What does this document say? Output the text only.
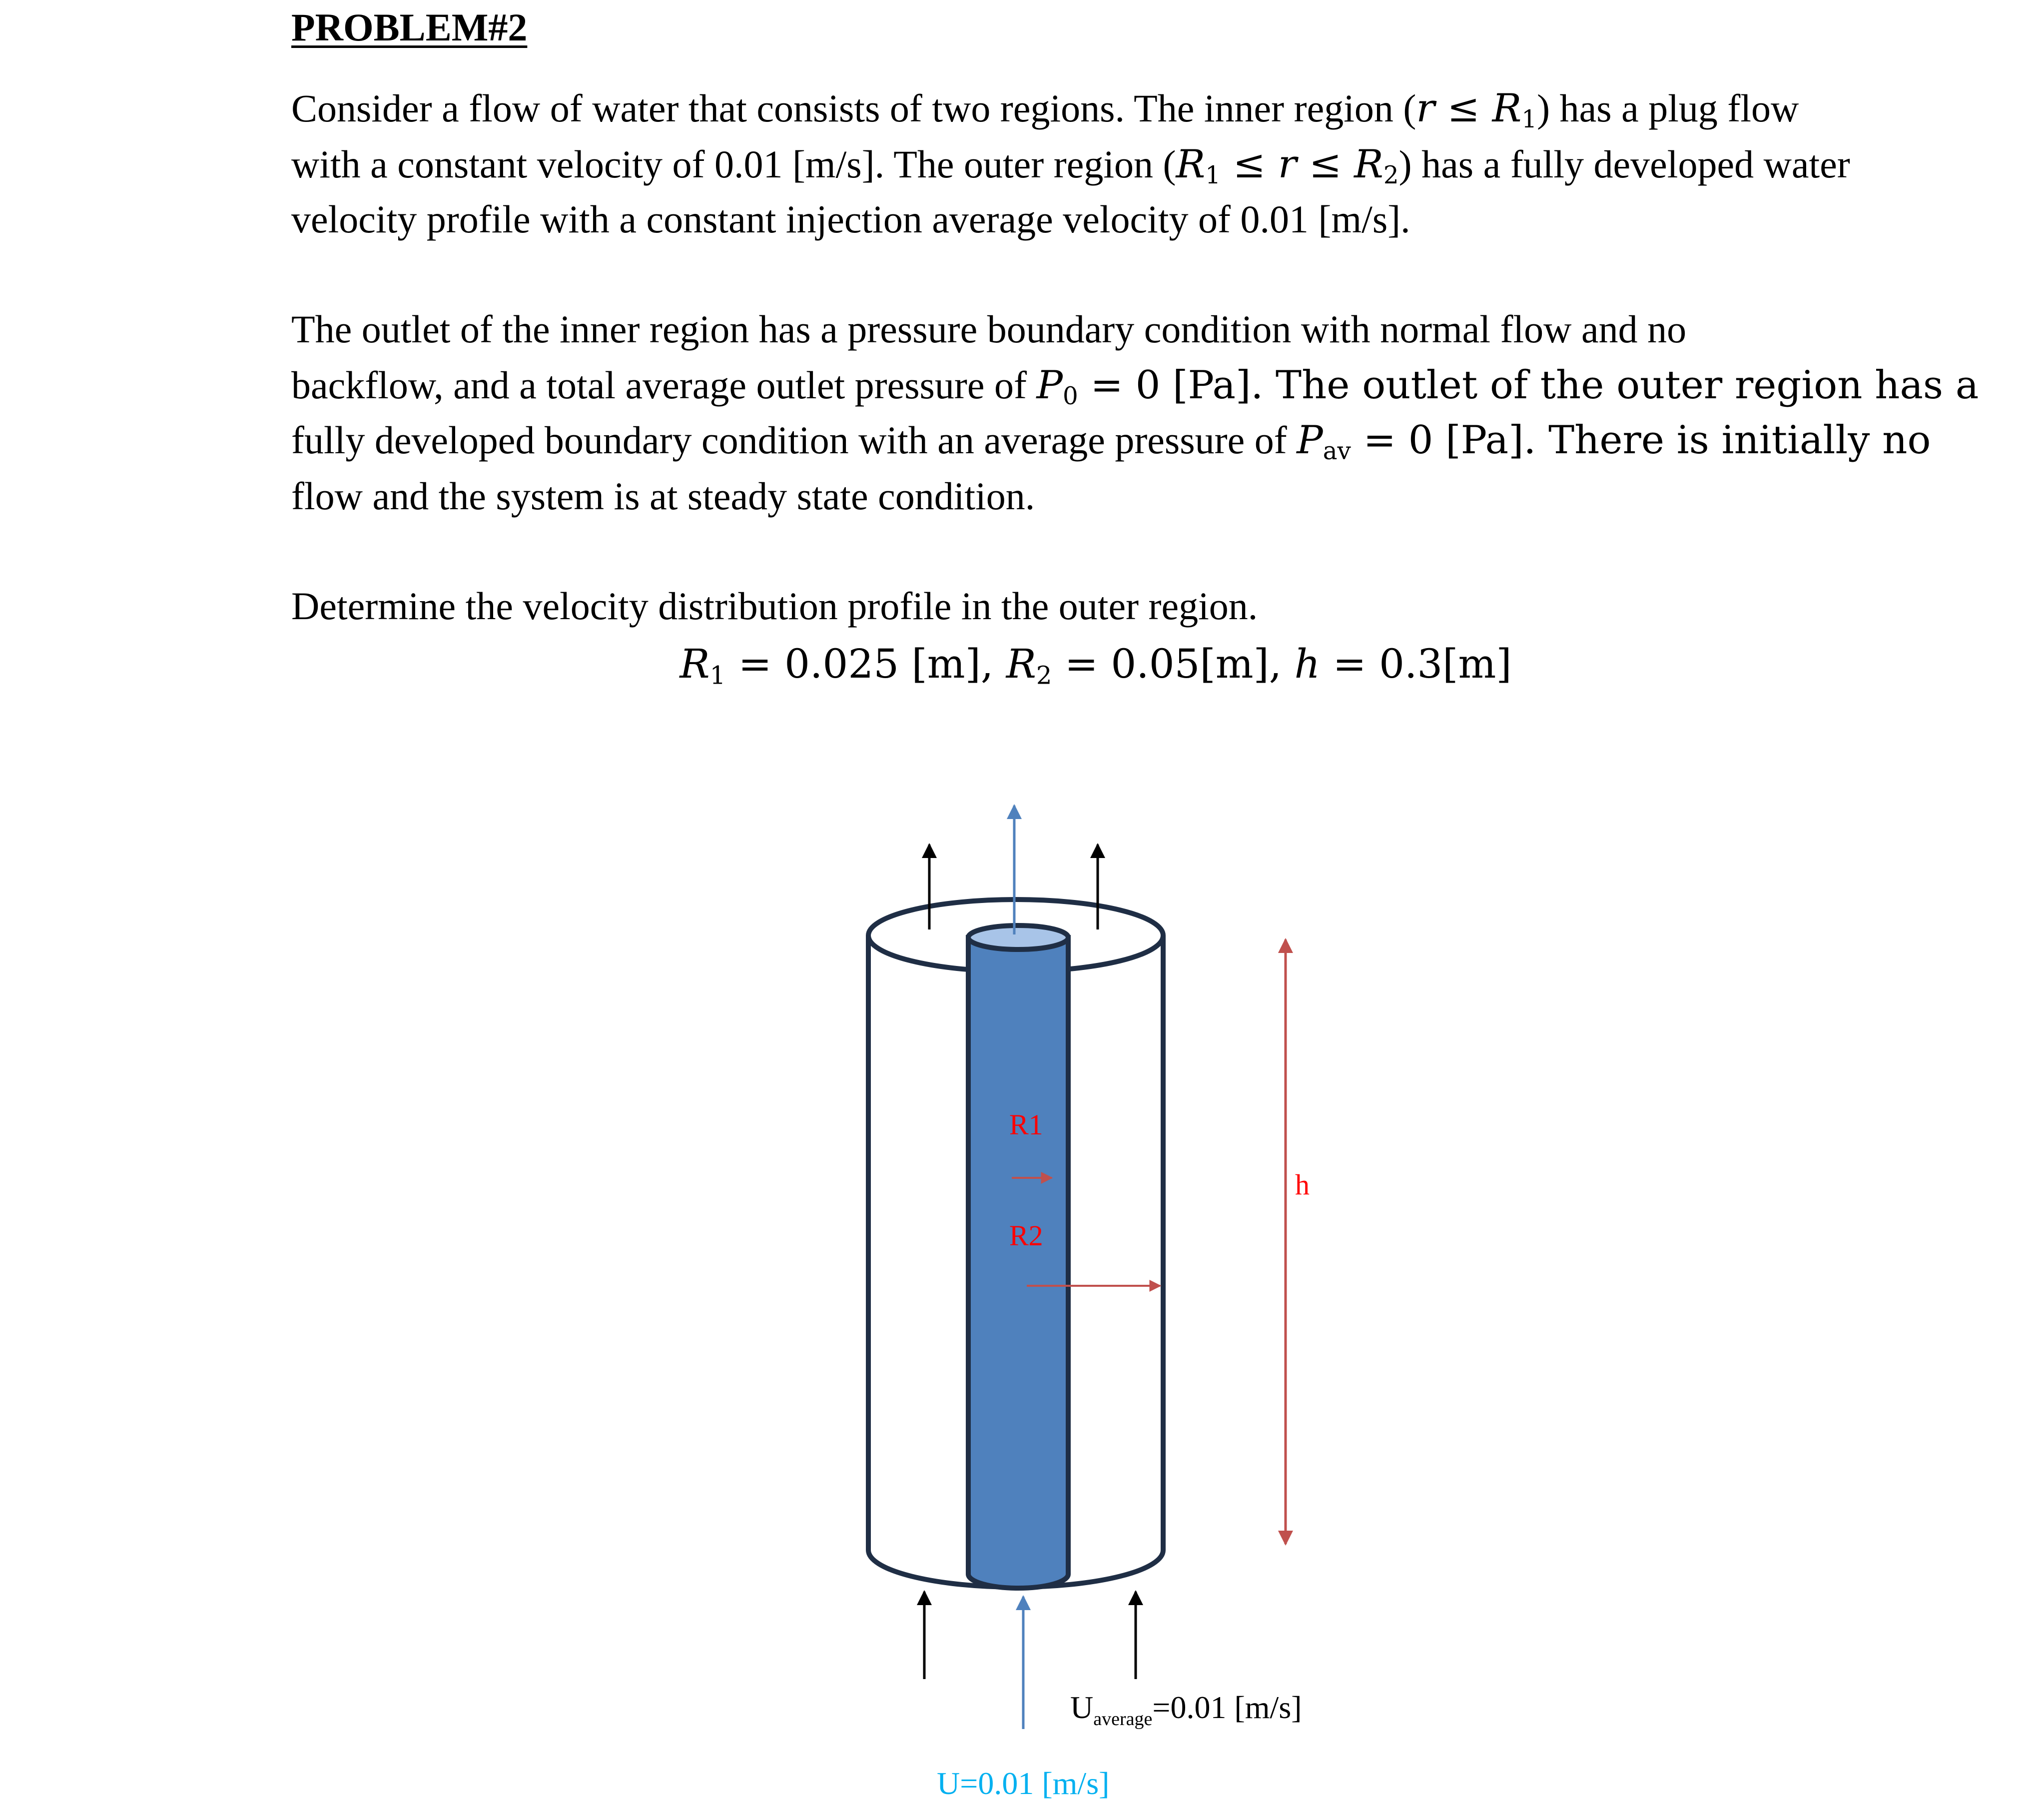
PROBLEM#2
Consider a flow of water that consists of two regions. The inner region $(r \le R_1)$ has a plug flow
with a constant velocity of 0.01 [m/s]. The outer region $(R_1 \le r \le R_2)$ has a fully developed water
velocity profile with a constant injection average velocity of 0.01 [m/s].
The outlet of the inner region has a pressure boundary condition with normal flow and no
backflow, and a total average outlet pressure of $P_0 = 0$ [Pa]. The outlet of the outer region has a
fully developed boundary condition with an average pressure of $P_{av} = 0$ [Pa]. There is initially no
flow and the system is at steady state condition.
Determine the velocity distribution profile in the outer region.
$R_1 = 0.025$ [m], $R_2 = 0.05[m]$, h = 0.3[m]
R1
R2
h
$U_{average}=0.01$ [m/s]
U=0.01 [m/s]
